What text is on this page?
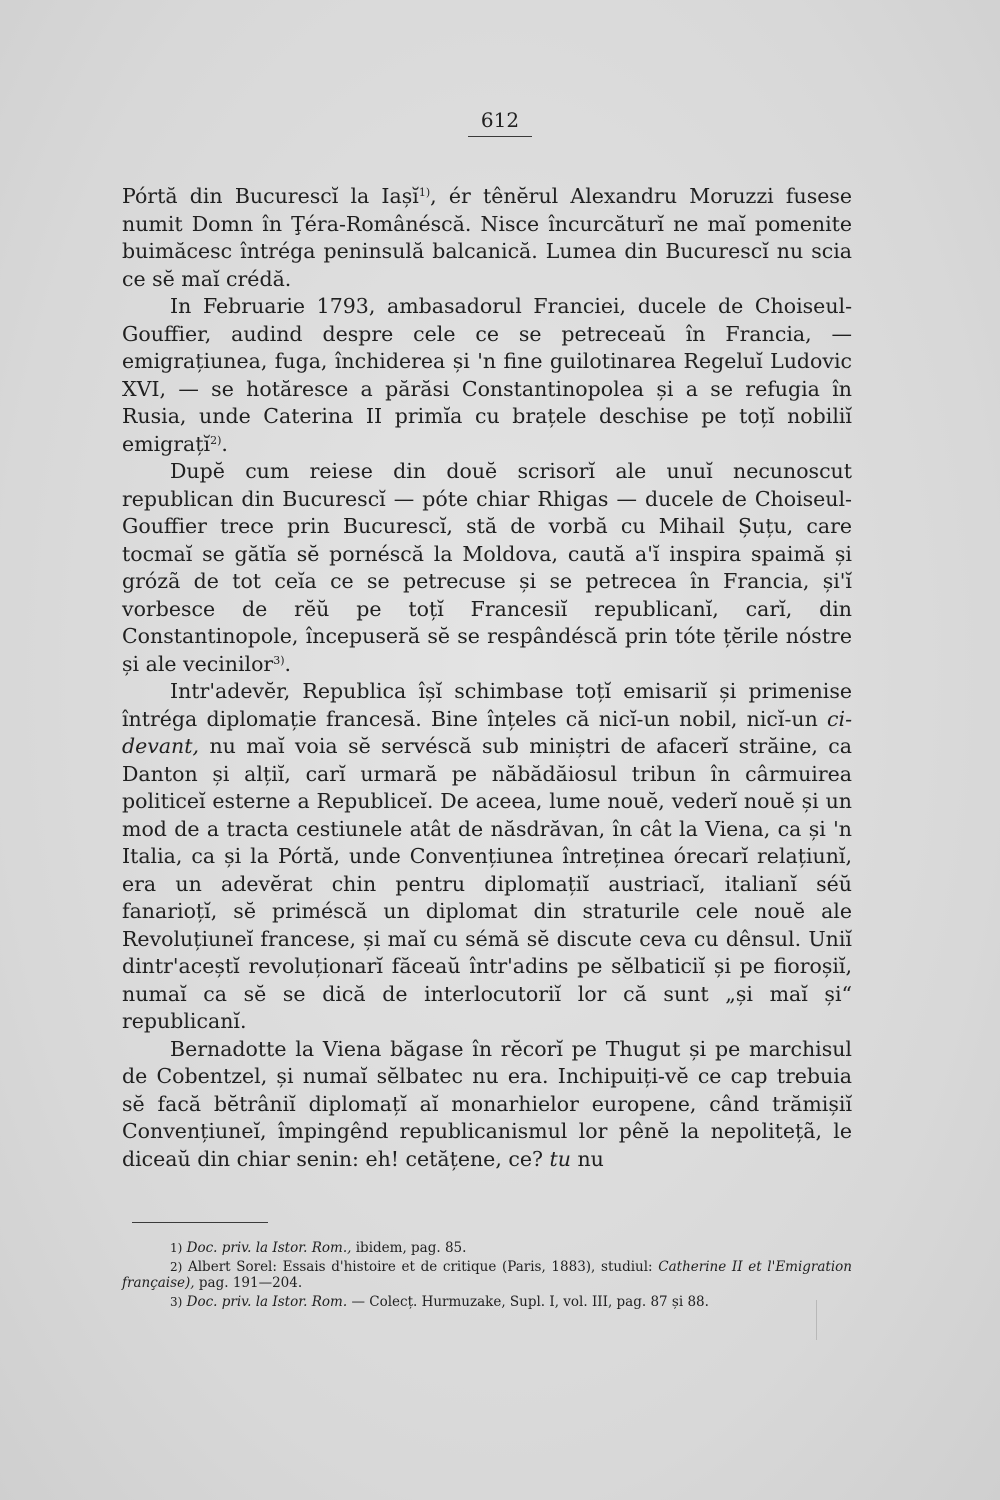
612

Pórtă din Bucurescĭ la Iașĭ$^{1)}$, ér tênĕrul Alexandru Moruzzi fusese numit Domn în Ţéra-Românéscă. Nisce încurcăturĭ ne maĭ pomenite buimăcesc întréga peninsulă balcanică. Lumea din Bucurescĭ nu scia ce sĕ maĭ crédă.

In Februarie 1793, ambasadorul Franciei, ducele de Choiseul-Gouffier, audind despre cele ce se petreceaŭ în Francia, — emigrațiunea, fuga, închiderea și 'n fine guilotinarea Regeluĭ Ludovic XVI, — se hotăresce a părăsi Constantinopolea și a se refugia în Rusia, unde Caterina II primĭa cu brațele deschise pe toțĭ nobiliĭ emigrațĭ$^{2)}$.

Dupĕ cum reiese din douĕ scrisorĭ ale unuĭ necunoscut republican din Bucurescĭ — póte chiar Rhigas — ducele de Choiseul-Gouffier trece prin Bucurescĭ, stă de vorbă cu Mihail Șuțu, care tocmaĭ se gătĭa sĕ pornéscă la Moldova, caută a'ĭ inspira spaimă și grózã de tot ceĭa ce se petrecuse și se petrecea în Francia, și'ĭ vorbesce de rĕŭ pe toțĭ Francesiĭ republicanĭ, carĭ, din Constantinopole, începuseră sĕ se respândéscă prin tóte țĕrile nóstre și ale vecinilor$^{3)}$.

Intr'adevĕr, Republica îșĭ schimbase toțĭ emisariĭ și primenise întréga diplomație francesă. Bine înțeles că nicĭ-un nobil, nicĭ-un ci-devant, nu maĭ voia sĕ servéscă sub miniștri de afacerĭ străine, ca Danton și alțiĭ, carĭ urmară pe năbădăiosul tribun în cârmuirea politiceĭ esterne a Republiceĭ. De aceea, lume nouĕ, vederĭ nouĕ și un mod de a tracta cestiunele atât de năsdrăvan, în cât la Viena, ca și 'n Italia, ca și la Pórtă, unde Convențiunea întreținea órecarĭ relațiunĭ, era un adevĕrat chin pentru diplomațiĭ austriacĭ, italianĭ séŭ fanarioțĭ, sĕ priméscă un diplomat din straturile cele nouĕ ale Revoluțiuneĭ francese, și maĭ cu sémă sĕ discute ceva cu dênsul. Uniĭ dintr'aceștĭ revoluționarĭ făceaŭ într'adins pe sĕlbaticiĭ și pe fioroșiĭ, numaĭ ca sĕ se dică de interlocutoriĭ lor că sunt „și maĭ și“ republicanĭ.

Bernadotte la Viena băgase în rĕcorĭ pe Thugut și pe marchisul de Cobentzel, și numaĭ sĕlbatec nu era. Inchipuiți-vĕ ce cap trebuia sĕ facă bĕtrâniĭ diplomațĭ aĭ monarhielor europene, când trămișiĭ Convențiuneĭ, împingênd republicanismul lor pênĕ la nepolitețã, le diceaŭ din chiar senin: eh! cetățene, ce? tu nu

1) Doc. priv. la Istor. Rom., ibidem, pag. 85.

2) Albert Sorel: Essais d'histoire et de critique (Paris, 1883), studiul: Catherine II et l'Emigration française), pag. 191—204.

3) Doc. priv. la Istor. Rom. — Colecț. Hurmuzake, Supl. I, vol. III, pag. 87 și 88.
